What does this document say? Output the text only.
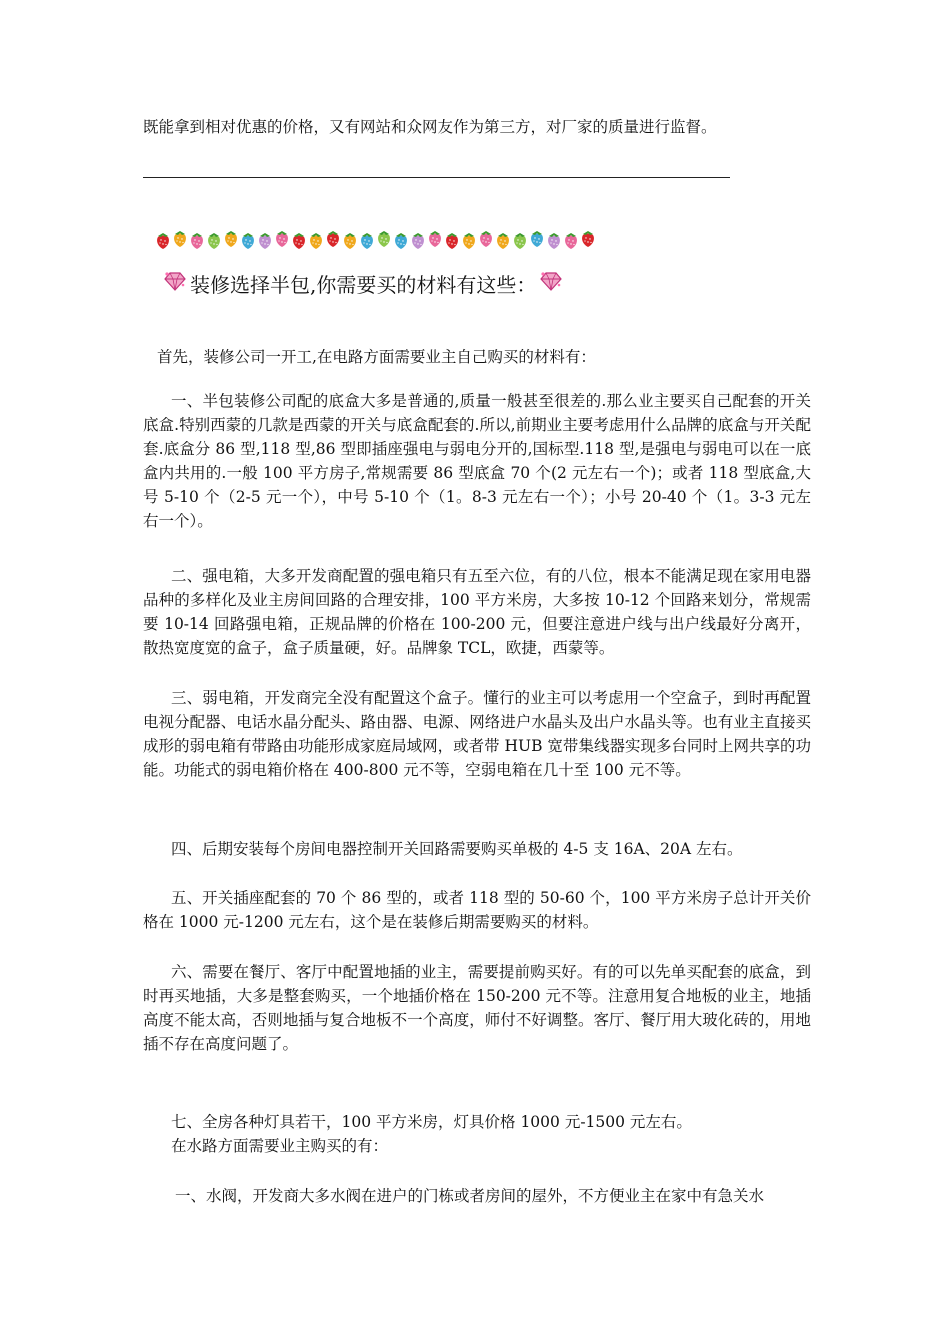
既能拿到相对优惠的价格，又有网站和众网友作为第三方，对厂家的质量进行监督。
装修选择半包,你需要买的材料有这些：
首先，装修公司一开工,在电路方面需要业主自己购买的材料有：
一、半包装修公司配的底盒大多是普通的,质量一般甚至很差的.那么业主要买自己配套的开关底盒.特别西蒙的几款是西蒙的开关与底盒配套的.所以,前期业主要考虑用什么品牌的底盒与开关配套.底盒分 86 型,118 型,86 型即插座强电与弱电分开的,国标型.118 型,是强电与弱电可以在一底盒内共用的.一般 100 平方房子,常规需要 86 型底盒 70 个(2 元左右一个)；或者 118 型底盒,大号 5-10 个（2-5 元一个），中号 5-10 个（1。8-3 元左右一个）；小号 20-40 个（1。3-3 元左右一个）。
二、强电箱，大多开发商配置的强电箱只有五至六位，有的八位，根本不能满足现在家用电器品种的多样化及业主房间回路的合理安排，100 平方米房，大多按 10-12 个回路来划分，常规需要 10-14 回路强电箱，正规品牌的价格在 100-200 元，但要注意进户线与出户线最好分离开，散热宽度宽的盒子，盒子质量硬，好。品牌象 TCL，欧捷，西蒙等。
三、弱电箱，开发商完全没有配置这个盒子。懂行的业主可以考虑用一个空盒子，到时再配置电视分配器、电话水晶分配头、路由器、电源、网络进户水晶头及出户水晶头等。也有业主直接买成形的弱电箱有带路由功能形成家庭局域网，或者带 HUB 宽带集线器实现多台同时上网共享的功能。功能式的弱电箱价格在 400-800 元不等，空弱电箱在几十至 100 元不等。
四、后期安装每个房间电器控制开关回路需要购买单极的 4-5 支 16A、20A 左右。
五、开关插座配套的 70 个 86 型的，或者 118 型的 50-60 个，100 平方米房子总计开关价格在 1000 元-1200 元左右，这个是在装修后期需要购买的材料。
六、需要在餐厅、客厅中配置地插的业主，需要提前购买好。有的可以先单买配套的底盒，到时再买地插，大多是整套购买，一个地插价格在 150-200 元不等。注意用复合地板的业主，地插高度不能太高，否则地插与复合地板不一个高度，师付不好调整。客厅、餐厅用大玻化砖的，用地插不存在高度问题了。
七、全房各种灯具若干，100 平方米房，灯具价格 1000 元-1500 元左右。
在水路方面需要业主购买的有：
一、水阀，开发商大多水阀在进户的门栋或者房间的屋外，不方便业主在家中有急关水
